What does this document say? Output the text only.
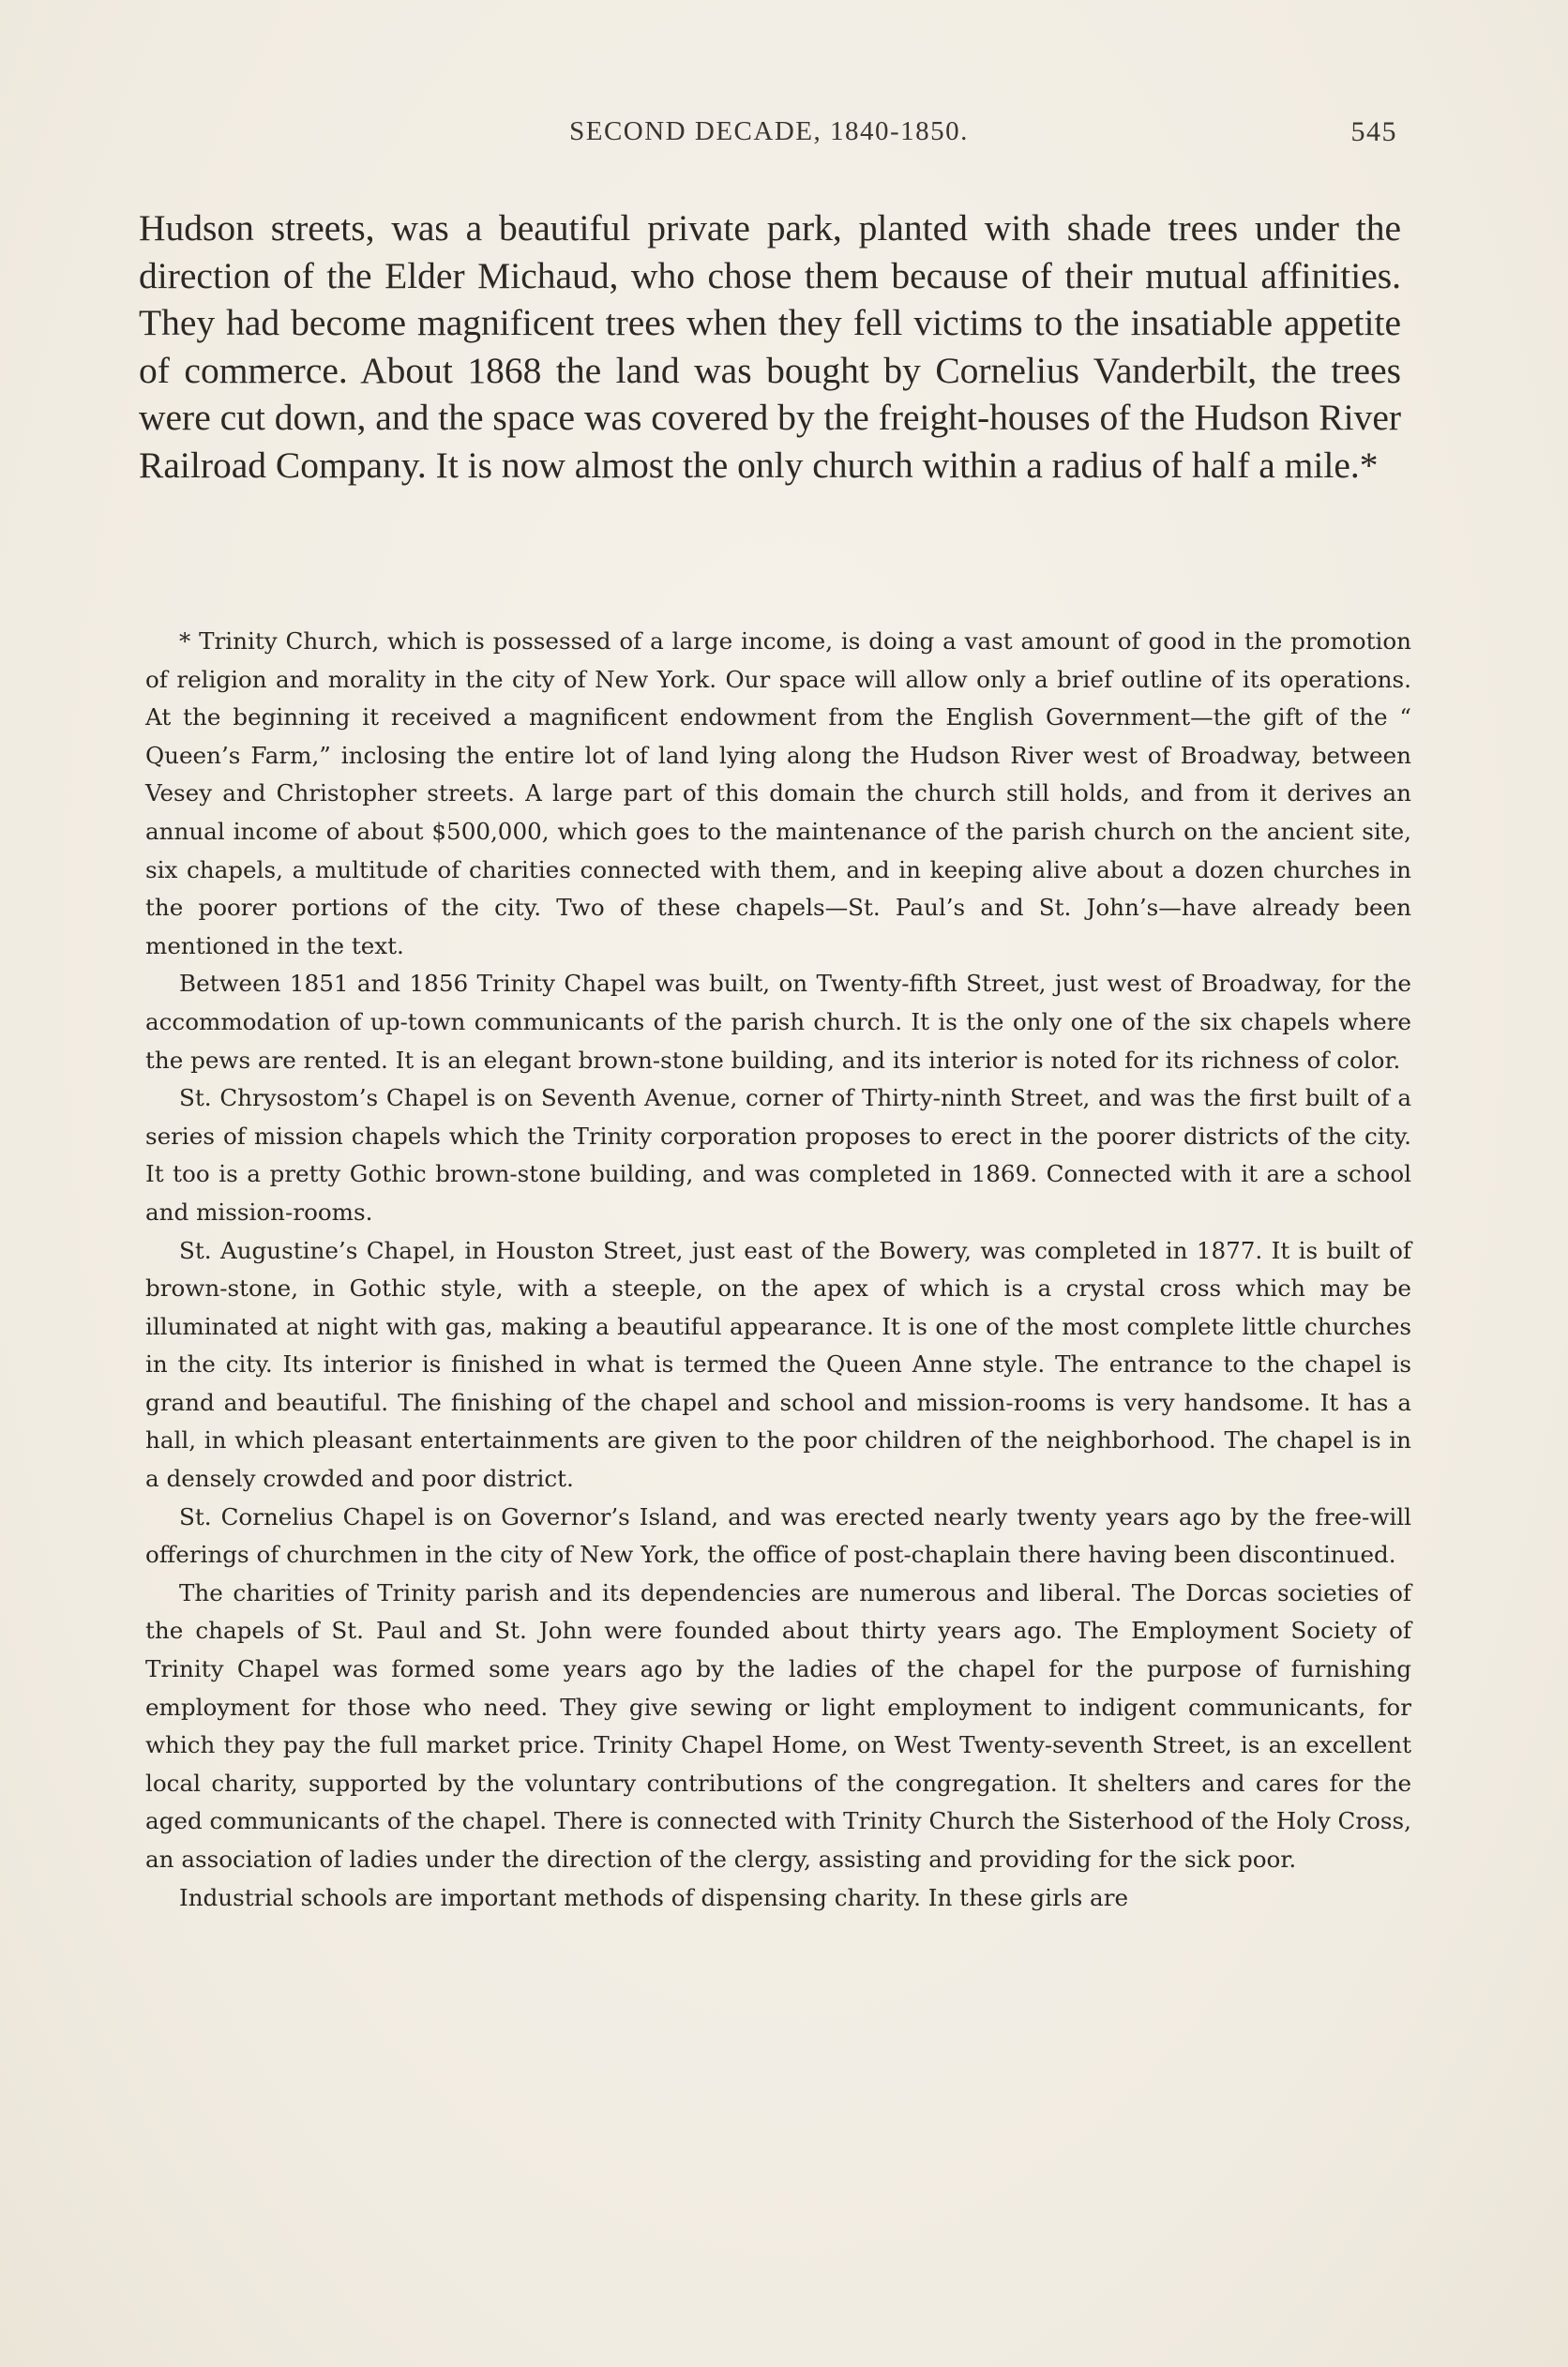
SECOND DECADE, 1840-1850.	545

Hudson streets, was a beautiful private park, planted with shade trees under the direction of the Elder Michaud, who chose them because of their mutual affinities. They had become magnificent trees when they fell victims to the insatiable appetite of commerce. About 1868 the land was bought by Cornelius Vanderbilt, the trees were cut down, and the space was covered by the freight-houses of the Hudson River Railroad Company. It is now almost the only church within a radius of half a mile.*

* Trinity Church, which is possessed of a large income, is doing a vast amount of good in the promotion of religion and morality in the city of New York. Our space will allow only a brief outline of its operations. At the beginning it received a magnificent endowment from the English Government—the gift of the “ Queen’s Farm,” inclosing the entire lot of land lying along the Hudson River west of Broadway, between Vesey and Christopher streets. A large part of this domain the church still holds, and from it derives an annual income of about $500,000, which goes to the maintenance of the parish church on the ancient site, six chapels, a multitude of charities connected with them, and in keeping alive about a dozen churches in the poorer portions of the city. Two of these chapels—St. Paul’s and St. John’s—have already been mentioned in the text.

Between 1851 and 1856 Trinity Chapel was built, on Twenty-fifth Street, just west of Broadway, for the accommodation of up-town communicants of the parish church. It is the only one of the six chapels where the pews are rented. It is an elegant brown-stone building, and its interior is noted for its richness of color.

St. Chrysostom’s Chapel is on Seventh Avenue, corner of Thirty-ninth Street, and was the first built of a series of mission chapels which the Trinity corporation proposes to erect in the poorer districts of the city. It too is a pretty Gothic brown-stone building, and was completed in 1869. Connected with it are a school and mission-rooms.

St. Augustine’s Chapel, in Houston Street, just east of the Bowery, was completed in 1877. It is built of brown-stone, in Gothic style, with a steeple, on the apex of which is a crystal cross which may be illuminated at night with gas, making a beautiful appearance. It is one of the most complete little churches in the city. Its interior is finished in what is termed the Queen Anne style. The entrance to the chapel is grand and beautiful. The finishing of the chapel and school and mission-rooms is very handsome. It has a hall, in which pleasant entertainments are given to the poor children of the neighborhood. The chapel is in a densely crowded and poor district.

St. Cornelius Chapel is on Governor’s Island, and was erected nearly twenty years ago by the free-will offerings of churchmen in the city of New York, the office of post-chaplain there having been discontinued.

The charities of Trinity parish and its dependencies are numerous and liberal. The Dorcas societies of the chapels of St. Paul and St. John were founded about thirty years ago. The Employment Society of Trinity Chapel was formed some years ago by the ladies of the chapel for the purpose of furnishing employment for those who need. They give sewing or light employment to indigent communicants, for which they pay the full market price. Trinity Chapel Home, on West Twenty-seventh Street, is an excellent local charity, supported by the voluntary contributions of the congregation. It shelters and cares for the aged communicants of the chapel. There is connected with Trinity Church the Sisterhood of the Holy Cross, an association of ladies under the direction of the clergy, assisting and providing for the sick poor.

Industrial schools are important methods of dispensing charity. In these girls are
